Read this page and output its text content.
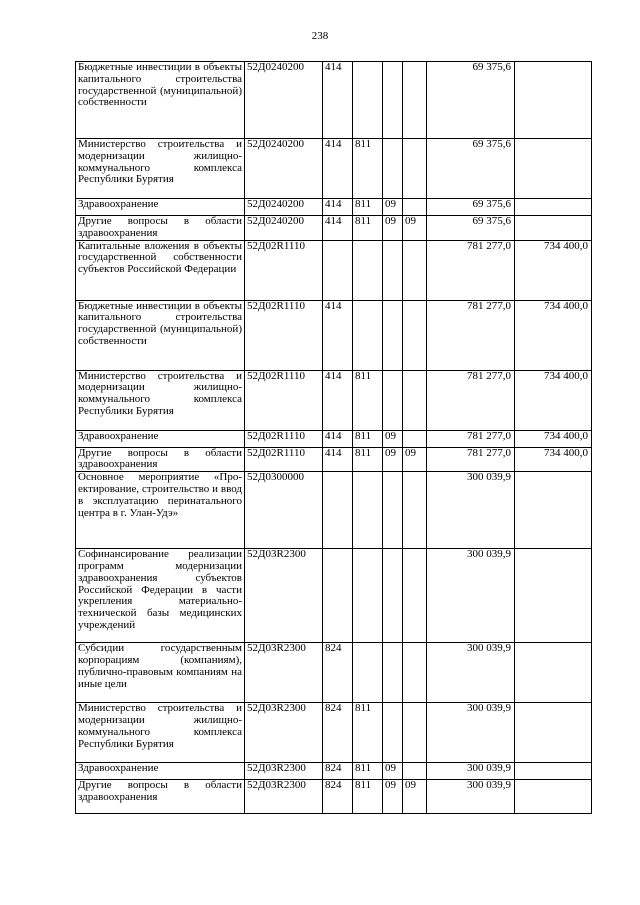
238
Бюджетные инвестиции в объекты капитального строительства государственной (муниципальной) собственности	52Д0240200	414				69 375,6	
Министерство строительства и модернизации жилищно-коммунального комплекса Республики Бурятия	52Д0240200	414	811			69 375,6	
Здравоохранение	52Д0240200	414	811	09		69 375,6	
Другие вопросы в области здравоохранения	52Д0240200	414	811	09	09	69 375,6	
Капитальные вложения в объекты государственной собственности субъектов Российской Федерации	52Д02R1110					781 277,0	734 400,0
Бюджетные инвестиции в объекты капитального строительства государственной (муниципальной) собственности	52Д02R1110	414				781 277,0	734 400,0
Министерство строительства и модернизации жилищно-коммунального комплекса Республики Бурятия	52Д02R1110	414	811			781 277,0	734 400,0
Здравоохранение	52Д02R1110	414	811	09		781 277,0	734 400,0
Другие вопросы в области здравоохранения	52Д02R1110	414	811	09	09	781 277,0	734 400,0
Основное мероприятие «Проектирование, строительство и ввод в эксплуатацию перинатального центра в г. Улан-Удэ»	52Д0300000					300 039,9	
Софинансирование реализации программ модернизации здравоохранения субъектов Российской Федерации в части укрепления материально-технической базы медицинских учреждений	52Д03R2300					300 039,9	
Субсидии государственным корпорациям (компаниям), публично-правовым компаниям на иные цели	52Д03R2300	824				300 039,9	
Министерство строительства и модернизации жилищно-коммунального комплекса Республики Бурятия	52Д03R2300	824	811			300 039,9	
Здравоохранение	52Д03R2300	824	811	09		300 039,9	
Другие вопросы в области здравоохранения	52Д03R2300	824	811	09	09	300 039,9	
